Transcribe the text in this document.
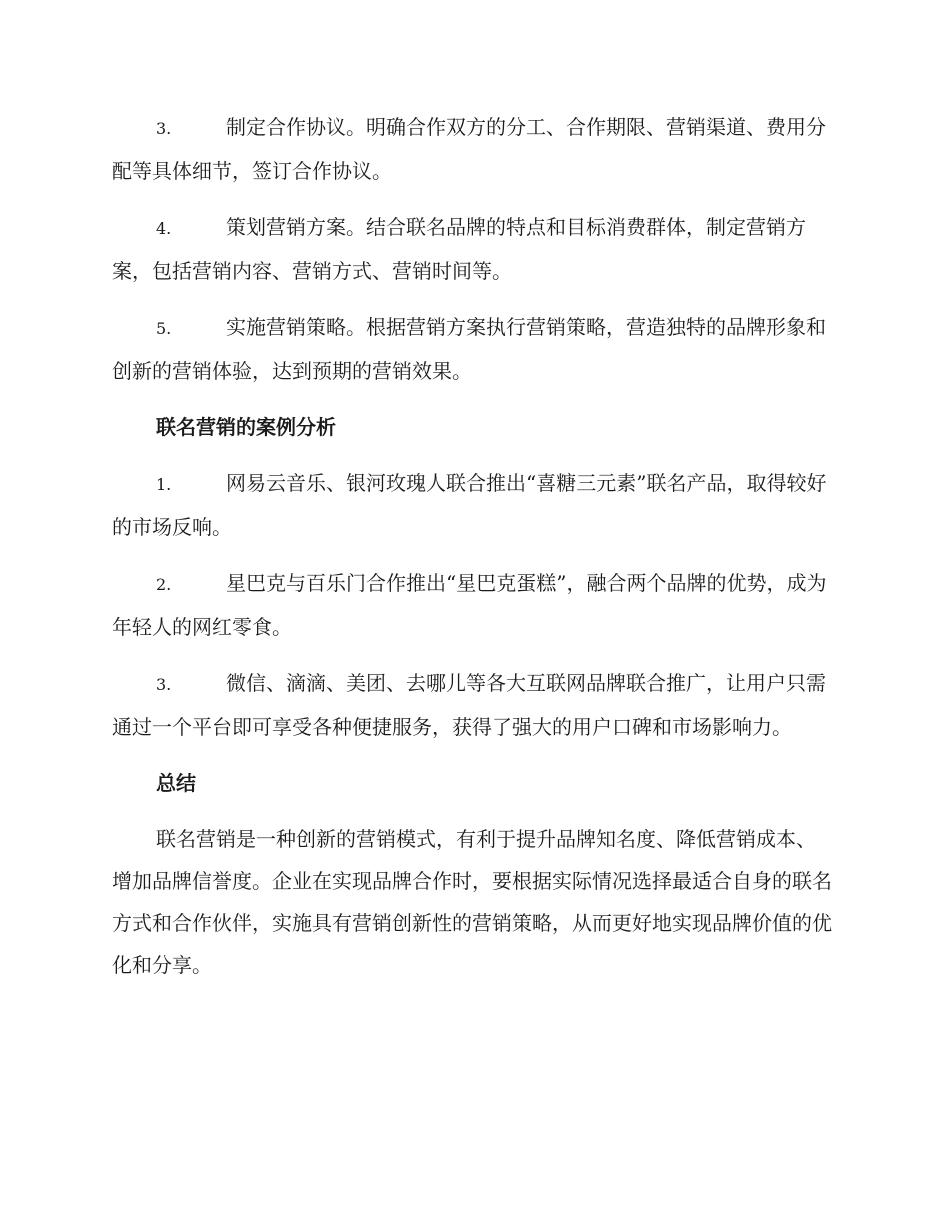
3.	制定合作协议。明确合作双方的分工、合作期限、营销渠道、费用分配等具体细节，签订合作协议。

4.	策划营销方案。结合联名品牌的特点和目标消费群体，制定营销方案，包括营销内容、营销方式、营销时间等。

5.	实施营销策略。根据营销方案执行营销策略，营造独特的品牌形象和创新的营销体验，达到预期的营销效果。

联名营销的案例分析

1.	网易云音乐、银河玫瑰人联合推出“喜糖三元素”联名产品，取得较好的市场反响。

2.	星巴克与百乐门合作推出“星巴克蛋糕”，融合两个品牌的优势，成为年轻人的网红零食。

3.	微信、滴滴、美团、去哪儿等各大互联网品牌联合推广，让用户只需通过一个平台即可享受各种便捷服务，获得了强大的用户口碑和市场影响力。

总结

联名营销是一种创新的营销模式，有利于提升品牌知名度、降低营销成本、增加品牌信誉度。企业在实现品牌合作时，要根据实际情况选择最适合自身的联名方式和合作伙伴，实施具有营销创新性的营销策略，从而更好地实现品牌价值的优化和分享。
